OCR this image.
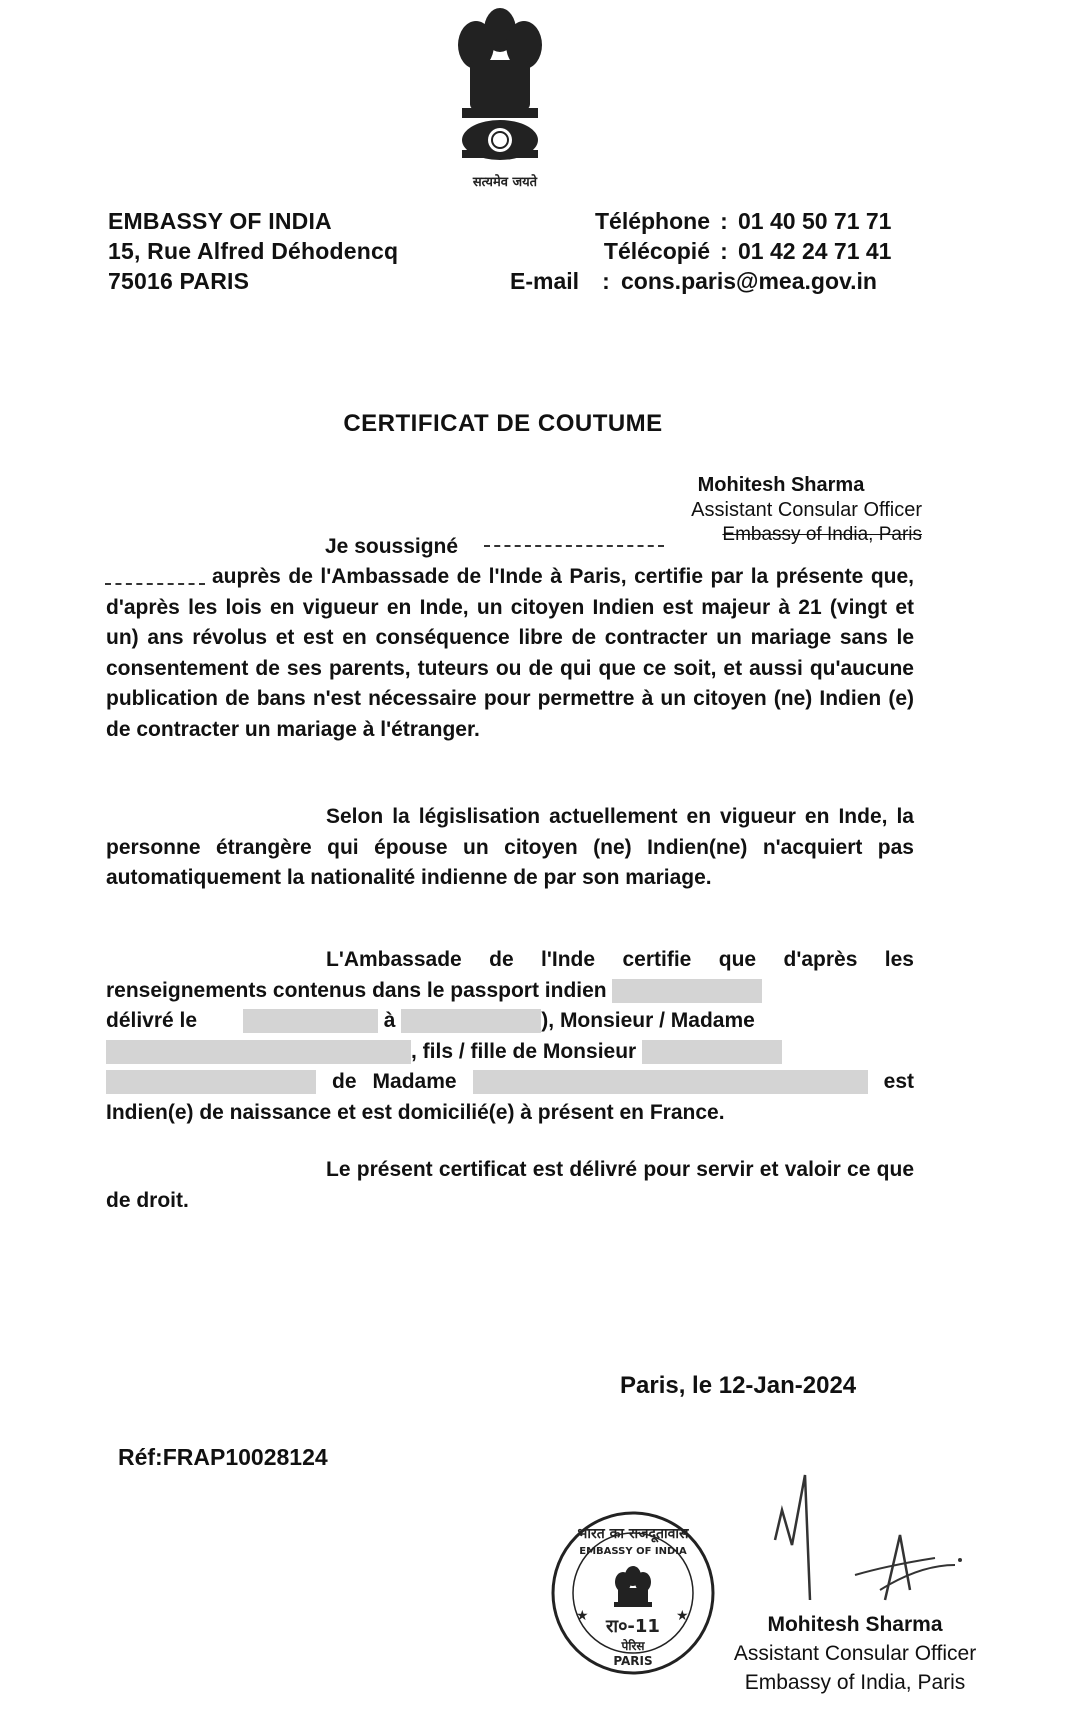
सत्यमेव जयते
EMBASSY OF INDIA
15, Rue Alfred Déhodencq
75016 PARIS
Téléphone : 01 40 50 71 71
Télécopié : 01 42 24 71 41
E-mail	: cons.paris@mea.gov.in
CERTIFICAT DE COUTUME
Mohitesh Sharma
Assistant Consular Officer
Embassy of India, Paris
Je soussigné
auprès de l'Ambassade de l'Inde à Paris, certifie par la présente que, d'après les lois en vigueur en Inde, un citoyen Indien est majeur à 21 (vingt et un) ans révolus et est en conséquence libre de contracter un mariage sans le consentement de ses parents, tuteurs ou de qui que ce soit, et aussi qu'aucune publication de bans n'est nécessaire pour permettre à un citoyen (ne) Indien (e) de contracter un mariage à l'étranger.
Selon la législisation actuellement en vigueur en Inde, la personne étrangère qui épouse un citoyen (ne) Indien(ne) n'acquiert pas automatiquement la nationalité indienne de par son mariage.
L'Ambassade de l'Inde certifie que d'après les renseignements contenus dans le passport indien
délivré le	à	), Monsieur / Madame
, fils / fille de Monsieur
de Madame	est Indien(e) de naissance et est domicilié(e) à présent en France.
Le présent certificat est délivré pour servir et valoir ce que de droit.
Paris, le 12-Jan-2024
Réf:FRAP10028124
भारत का राजदूतावास
EMBASSY OF INDIA
रा०-11
पेरिस
PARIS
★	★	Mohitesh Sharma
Assistant Consular Officer
Embassy of India, Paris
